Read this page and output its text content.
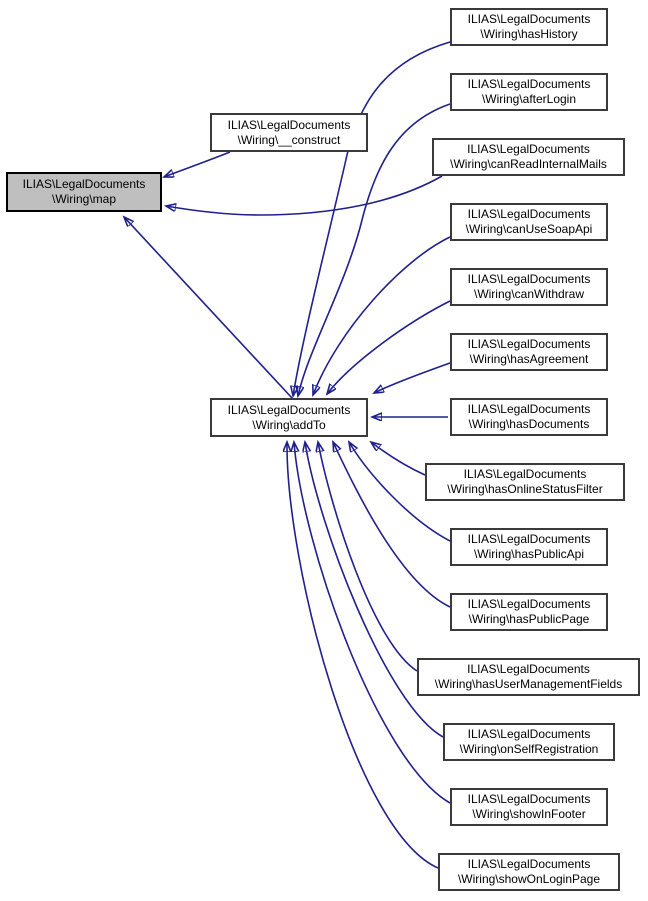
ILIAS\LegalDocuments
\Wiring\map
ILIAS\LegalDocuments
\Wiring\__construct
ILIAS\LegalDocuments
\Wiring\addTo
ILIAS\LegalDocuments
\Wiring\hasHistory
ILIAS\LegalDocuments
\Wiring\afterLogin
ILIAS\LegalDocuments
\Wiring\canReadInternalMails
ILIAS\LegalDocuments
\Wiring\canUseSoapApi
ILIAS\LegalDocuments
\Wiring\canWithdraw
ILIAS\LegalDocuments
\Wiring\hasAgreement
ILIAS\LegalDocuments
\Wiring\hasDocuments
ILIAS\LegalDocuments
\Wiring\hasOnlineStatusFilter
ILIAS\LegalDocuments
\Wiring\hasPublicApi
ILIAS\LegalDocuments
\Wiring\hasPublicPage
ILIAS\LegalDocuments
\Wiring\hasUserManagementFields
ILIAS\LegalDocuments
\Wiring\onSelfRegistration
ILIAS\LegalDocuments
\Wiring\showInFooter
ILIAS\LegalDocuments
\Wiring\showOnLoginPage
